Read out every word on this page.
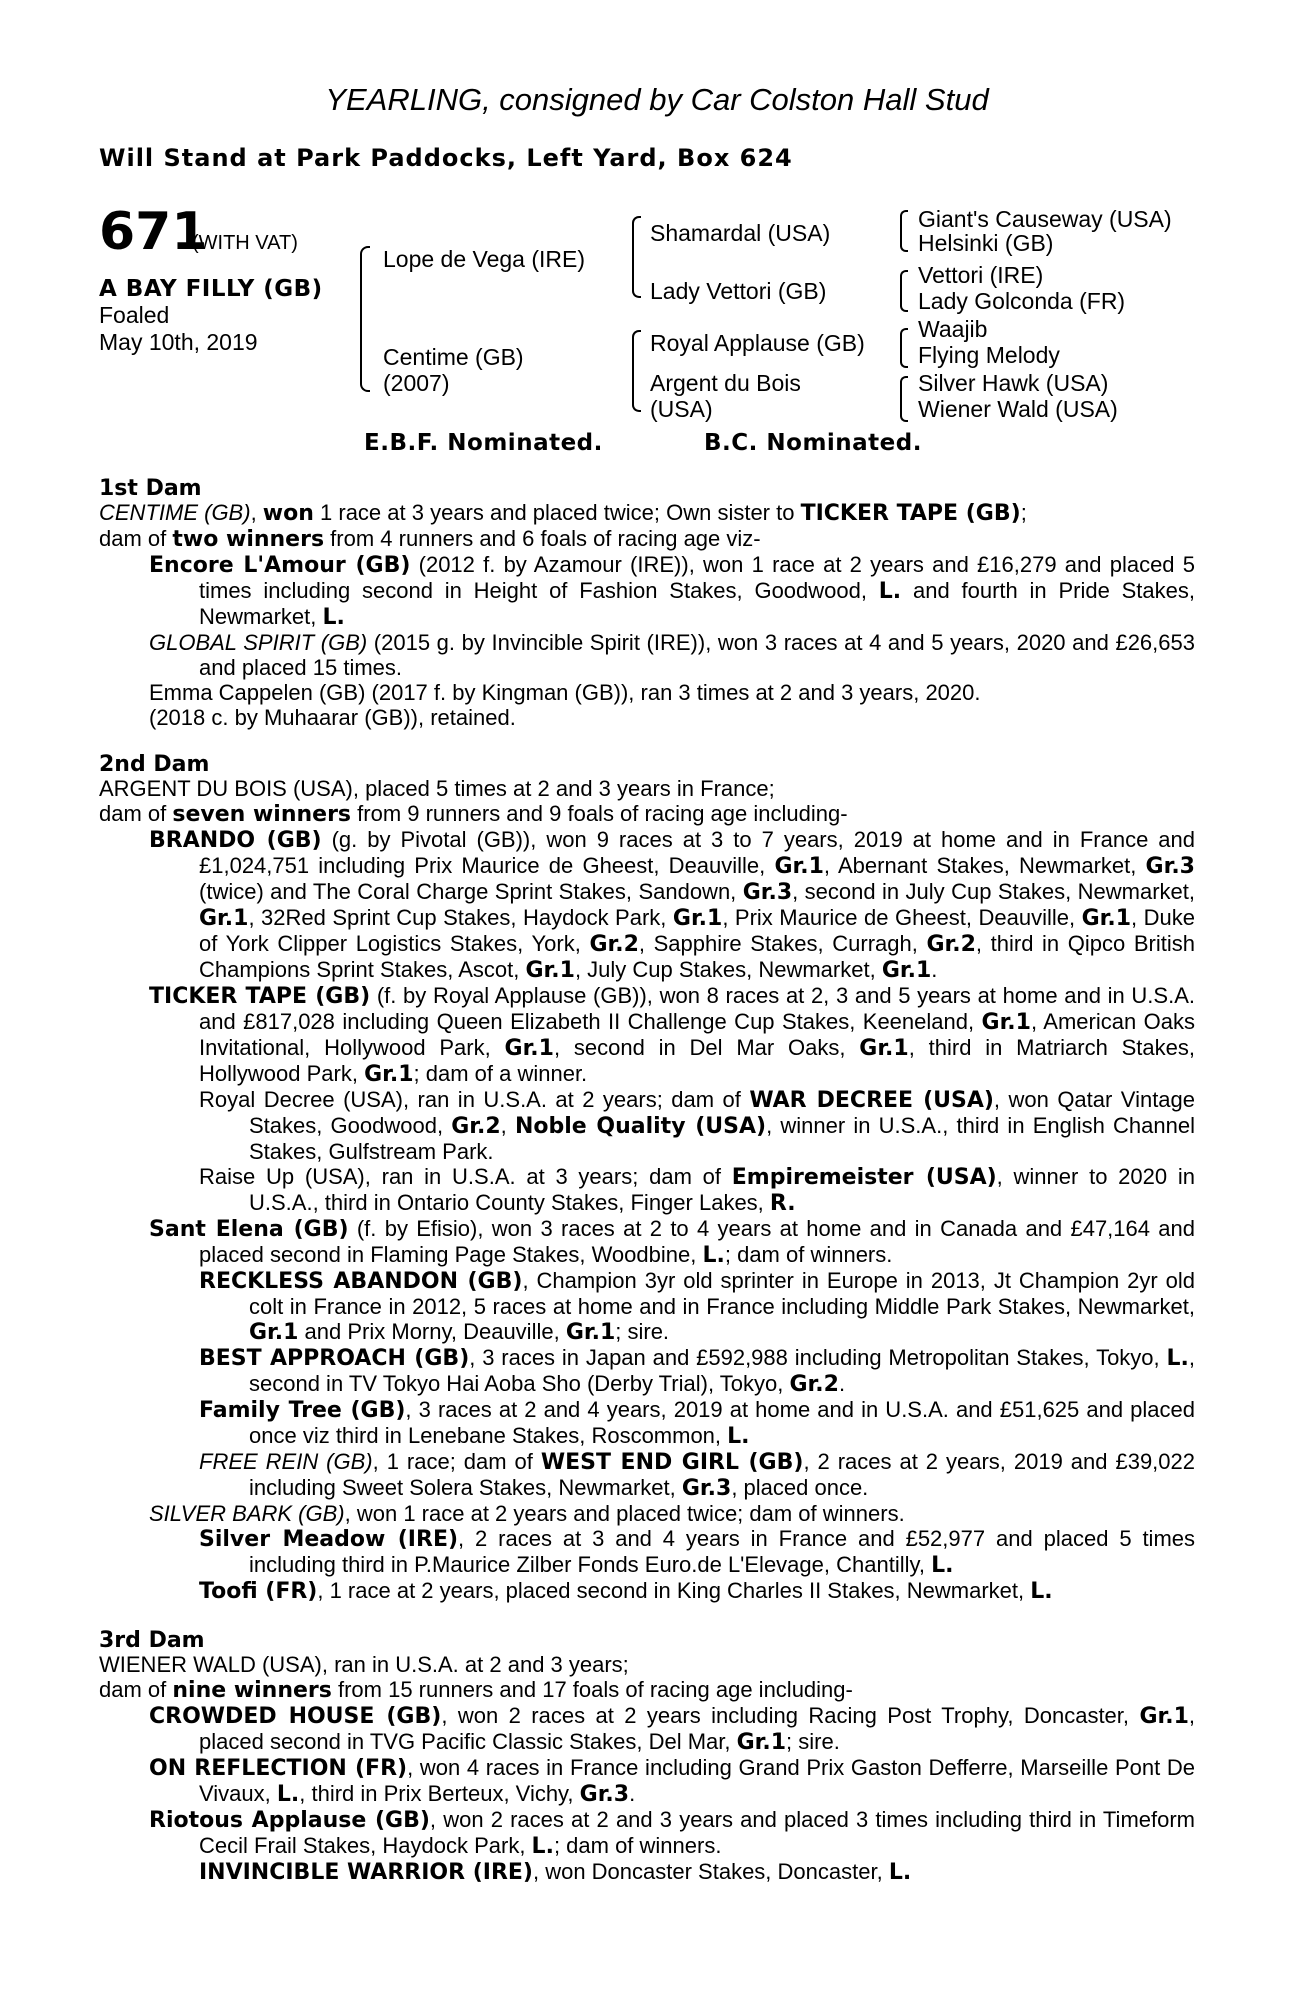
YEARLING, consigned by Car Colston Hall Stud
Will Stand at Park Paddocks, Left Yard, Box 624
671
(WITH VAT)
A BAY FILLY (GB)
Foaled
May 10th, 2019
Lope de Vega (IRE)
Centime (GB)
(2007)
Shamardal (USA)
Lady Vettori (GB)
Royal Applause (GB)
Argent du Bois
(USA)
Giant's Causeway (USA)
Helsinki (GB)
Vettori (IRE)
Lady Golconda (FR)
Waajib
Flying Melody
Silver Hawk (USA)
Wiener Wald (USA)
E.B.F. Nominated.	B.C. Nominated.
1st Dam

CENTIME (GB), won 1 race at 3 years and placed twice; Own sister to TICKER TAPE (GB);

dam of two winners from 4 runners and 6 foals of racing age viz-

Encore L'Amour (GB) (2012 f. by Azamour (IRE)), won 1 race at 2 years and £16,279 and placed 5 times including second in Height of Fashion Stakes, Goodwood, L. and fourth in Pride Stakes, Newmarket, L.

GLOBAL SPIRIT (GB) (2015 g. by Invincible Spirit (IRE)), won 3 races at 4 and 5 years, 2020 and £26,653 and placed 15 times.

Emma Cappelen (GB) (2017 f. by Kingman (GB)), ran 3 times at 2 and 3 years, 2020.

(2018 c. by Muhaarar (GB)), retained.

2nd Dam

ARGENT DU BOIS (USA), placed 5 times at 2 and 3 years in France;

dam of seven winners from 9 runners and 9 foals of racing age including-

BRANDO (GB) (g. by Pivotal (GB)), won 9 races at 3 to 7 years, 2019 at home and in France and £1,024,751 including Prix Maurice de Gheest, Deauville, Gr.1, Abernant Stakes, Newmarket, Gr.3 (twice) and The Coral Charge Sprint Stakes, Sandown, Gr.3, second in July Cup Stakes, Newmarket, Gr.1, 32Red Sprint Cup Stakes, Haydock Park, Gr.1, Prix Maurice de Gheest, Deauville, Gr.1, Duke of York Clipper Logistics Stakes, York, Gr.2, Sapphire Stakes, Curragh, Gr.2, third in Qipco British Champions Sprint Stakes, Ascot, Gr.1, July Cup Stakes, Newmarket, Gr.1.

TICKER TAPE (GB) (f. by Royal Applause (GB)), won 8 races at 2, 3 and 5 years at home and in U.S.A. and £817,028 including Queen Elizabeth II Challenge Cup Stakes, Keeneland, Gr.1, American Oaks Invitational, Hollywood Park, Gr.1, second in Del Mar Oaks, Gr.1, third in Matriarch Stakes, Hollywood Park, Gr.1; dam of a winner.

Royal Decree (USA), ran in U.S.A. at 2 years; dam of WAR DECREE (USA), won Qatar Vintage Stakes, Goodwood, Gr.2, Noble Quality (USA), winner in U.S.A., third in English Channel Stakes, Gulfstream Park.

Raise Up (USA), ran in U.S.A. at 3 years; dam of Empiremeister (USA), winner to 2020 in U.S.A., third in Ontario County Stakes, Finger Lakes, R.

Sant Elena (GB) (f. by Efisio), won 3 races at 2 to 4 years at home and in Canada and £47,164 and placed second in Flaming Page Stakes, Woodbine, L.; dam of winners.

RECKLESS ABANDON (GB), Champion 3yr old sprinter in Europe in 2013, Jt Champion 2yr old colt in France in 2012, 5 races at home and in France including Middle Park Stakes, Newmarket, Gr.1 and Prix Morny, Deauville, Gr.1; sire.

BEST APPROACH (GB), 3 races in Japan and £592,988 including Metropolitan Stakes, Tokyo, L., second in TV Tokyo Hai Aoba Sho (Derby Trial), Tokyo, Gr.2.

Family Tree (GB), 3 races at 2 and 4 years, 2019 at home and in U.S.A. and £51,625 and placed once viz third in Lenebane Stakes, Roscommon, L.

FREE REIN (GB), 1 race; dam of WEST END GIRL (GB), 2 races at 2 years, 2019 and £39,022 including Sweet Solera Stakes, Newmarket, Gr.3, placed once.

SILVER BARK (GB), won 1 race at 2 years and placed twice; dam of winners.

Silver Meadow (IRE), 2 races at 3 and 4 years in France and £52,977 and placed 5 times including third in P.Maurice Zilber Fonds Euro.de L'Elevage, Chantilly, L.

Toofi (FR), 1 race at 2 years, placed second in King Charles II Stakes, Newmarket, L.

3rd Dam

WIENER WALD (USA), ran in U.S.A. at 2 and 3 years;

dam of nine winners from 15 runners and 17 foals of racing age including-

CROWDED HOUSE (GB), won 2 races at 2 years including Racing Post Trophy, Doncaster, Gr.1, placed second in TVG Pacific Classic Stakes, Del Mar, Gr.1; sire.

ON REFLECTION (FR), won 4 races in France including Grand Prix Gaston Defferre, Marseille Pont De Vivaux, L., third in Prix Berteux, Vichy, Gr.3.

Riotous Applause (GB), won 2 races at 2 and 3 years and placed 3 times including third in Timeform Cecil Frail Stakes, Haydock Park, L.; dam of winners.

INVINCIBLE WARRIOR (IRE), won Doncaster Stakes, Doncaster, L.
